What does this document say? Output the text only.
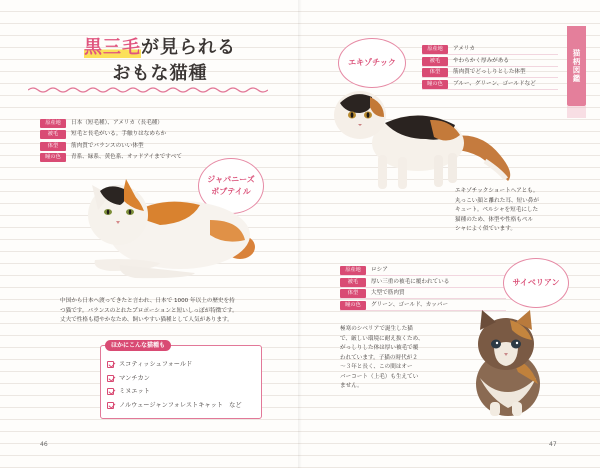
黒三毛が見られる
おもな猫種
原産地	日本（短毛種）、アメリカ（長毛種）
被毛	短毛と長毛がいる。手触りはなめらか
体型	筋肉質でバランスのいい体型
瞳の色	青系、緑系、黄色系、オッドアイまですべて
ジャパニーズ
ボブテイル
中国から日本へ渡ってきたと言われ、日本で 1000 年以上の歴史を持
つ猫です。バランスのとれたプロポーションと短いしっぽが特徴です。
丈夫で性格も穏やかなため、飼いやすい猫種として人気があります。
ほかにこんな猫種も
スコティッシュフォールド
マンチカン
ミヌエット
ノルウェージャンフォレストキャット　など
46
エキゾチック
原産地	アメリカ
被毛	やわらかく厚みがある
体型	筋肉質でどっしりとした体型
瞳の色	ブルー、グリーン、ゴールドなど
エキゾチックショートヘアとも。
丸っこい顔と離れた耳、短い鼻が
キュート。ペルシャを短毛にした
猫種のため、体型や性格もペル
シャによく似ています。
原産地	ロシア
被毛	厚い三重の被毛に覆われている
体型	大型で筋肉質
瞳の色	グリーン、ゴールド、カッパー
サイベリアン
極寒のシベリアで誕生した猫
で、厳しい環境に耐え抜くため、
がっしりした体は厚い被毛で覆
われています。子猫の時代が２
～３年と長く、この間はオー
バーコート（上毛）も生えてい
ません。
猫柄図鑑
47
